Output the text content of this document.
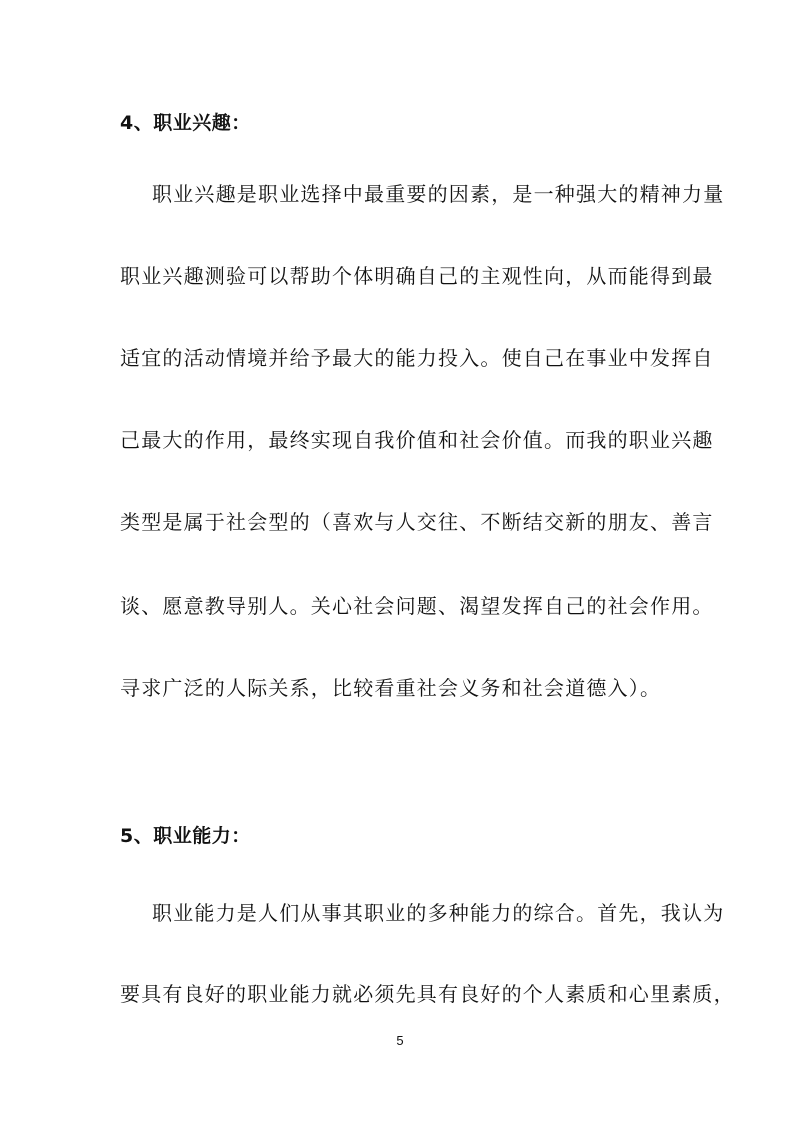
4、职业兴趣：
职业兴趣是职业选择中最重要的因素，是一种强大的精神力量
职业兴趣测验可以帮助个体明确自己的主观性向，从而能得到最
适宜的活动情境并给予最大的能力投入。使自己在事业中发挥自
己最大的作用，最终实现自我价值和社会价值。而我的职业兴趣
类型是属于社会型的（喜欢与人交往、不断结交新的朋友、善言
谈、愿意教导别人。关心社会问题、渴望发挥自己的社会作用。
寻求广泛的人际关系，比较看重社会义务和社会道德入）。
5、职业能力：
职业能力是人们从事其职业的多种能力的综合。首先，我认为
要具有良好的职业能力就必须先具有良好的个人素质和心里素质，
5
